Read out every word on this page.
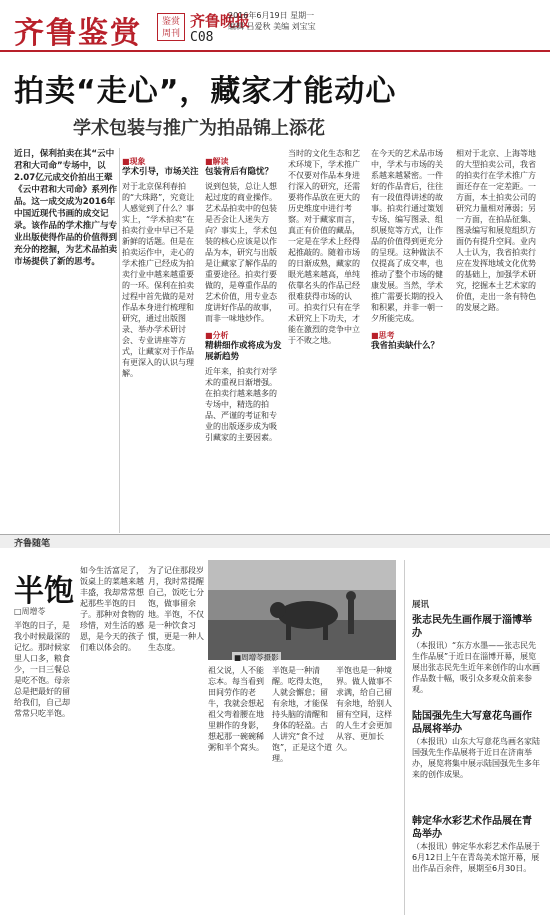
齐鲁鉴赏	鉴赏周刊
齐鲁晚报
C08
2016年6月19日 星期一
编辑 吕爱秋 美编 刘宝宝
拍卖“走心”，藏家才能动心
学术包装与推广为拍品锦上添花
近日，保利拍卖在其“云中君和大司命”专场中，以2.07亿元成交价拍出王翚《云中君和大司命》系列作品。这一成交成为2016年中国近现代书画的成交记录。该作品的学术推广与专业出版使得作品的价值得到充分的挖掘，为艺术品拍卖市场提供了新的思考。
■现象
学术引导，市场关注
对于北京保利春拍的“大珠路”，究竟让人感觉到了什么？事实上，“学术拍卖”在拍卖行业中早已不是新鲜的话题。但是在拍卖运作中，走心的学术推广已经成为拍卖行业中越来越重要的一环。保利在拍卖过程中首先做的是对作品本身进行梳理和研究，通过出版图录、举办学术研讨会、专业讲座等方式，让藏家对于作品有更深入的认识与理解。
■解读
包装背后有隐忧？
说到包装，总让人想起过度的商业操作。艺术品拍卖中的包装是否会让人迷失方向？事实上，学术包装的核心应该是以作品为本，研究与出版是让藏家了解作品的重要途径。拍卖行要做的，是尊重作品的艺术价值，用专业态度讲好作品的故事，而非一味地炒作。
■分析
精耕细作或将成为发展新趋势
近年来，拍卖行对学术的重视日渐增强。在拍卖行越来越多的专场中，精选的拍品、严谨的考证和专业的出版逐步成为吸引藏家的主要因素。
当时的文化生态和艺术环境下，学术推广不仅要对作品本身进行深入的研究，还需要将作品放在更大的历史维度中进行考察。对于藏家而言，真正有价值的藏品，一定是在学术上经得起推敲的。随着市场的日渐成熟，藏家的眼光越来越高，单纯依靠名头的作品已经很难获得市场的认可。拍卖行只有在学术研究上下功夫，才能在激烈的竞争中立于不败之地。
在今天的艺术品市场中，学术与市场的关系越来越紧密。一件好的作品背后，往往有一段值得讲述的故事。拍卖行通过策划专场、编写图录、组织展览等方式，让作品的价值得到更充分的呈现。这种做法不仅提高了成交率，也推动了整个市场的健康发展。当然，学术推广需要长期的投入和积累，并非一朝一夕所能完成。
■思考
我省拍卖缺什么？
相对于北京、上海等地的大型拍卖公司，我省的拍卖行在学术推广方面还存在一定差距。一方面，本土拍卖公司的研究力量相对薄弱；另一方面，在拍品征集、图录编写和展览组织方面仍有提升空间。业内人士认为，我省拍卖行应在发挥地域文化优势的基础上，加强学术研究，挖掘本土艺术家的价值，走出一条有特色的发展之路。
齐鲁随笔
半饱
□周增苓
半饱的日子，是我小时候最深的记忆。那时候家里人口多，粮食少，一日三餐总是吃不饱。母亲总是把最好的留给我们，自己却常常只吃半饱。
如今生活富足了，饭桌上的菜越来越丰盛，我却常常想起那些半饱的日子。那种对食物的珍惜，对生活的感恩，是今天的孩子们难以体会的。
为了记住那段岁月，我时常提醒自己，饭吃七分饱，做事留余地。半饱，不仅是一种饮食习惯，更是一种人生态度。
■周增苓摄影
祖父说，人不能忘本。每当看到田间劳作的老牛，我就会想起祖父弯着腰在地里耕作的身影，想起那一碗碗稀粥和半个窝头。
半饱是一种清醒。吃得太饱，人就会懈怠；留有余地，才能保持头脑的清醒和身体的轻盈。古人讲究“食不过饱”，正是这个道理。
半饱也是一种境界。做人做事不求满，给自己留有余地，给别人留有空间，这样的人生才会更加从容、更加长久。
展讯
张志民先生画作展于淄博举办
（本报讯）“东方水墨——张志民先生作品展”于近日在淄博开幕，展览展出张志民先生近年来创作的山水画作品数十幅，吸引众多观众前来参观。
陆国强先生大写意花鸟画作品展将举办
（本报讯）山东大写意花鸟画名家陆国强先生作品展将于近日在济南举办，展览将集中展示陆国强先生多年来的创作成果。
韩定华水彩艺术作品展在青岛举办
（本报讯）韩定华水彩艺术作品展于6月12日上午在青岛美术馆开幕，展出作品百余件，展期至6月30日。
